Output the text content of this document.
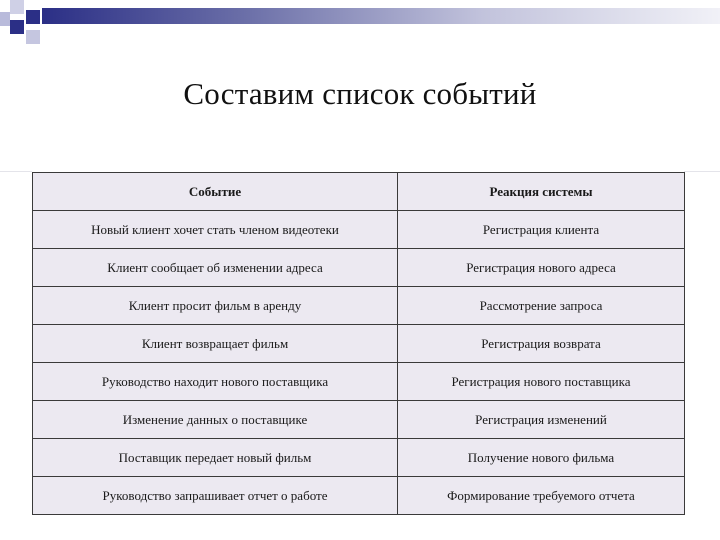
Составим список событий
Событие	Реакция системы
Новый клиент хочет стать членом видеотеки	Регистрация клиента
Клиент сообщает об изменении адреса	Регистрация нового адреса
Клиент просит фильм в аренду	Рассмотрение запроса
Клиент возвращает фильм	Регистрация возврата
Руководство находит нового поставщика	Регистрация нового поставщика
Изменение данных о поставщике	Регистрация изменений
Поставщик передает новый фильм	Получение нового фильма
Руководство запрашивает отчет о работе	Формирование требуемого отчета
